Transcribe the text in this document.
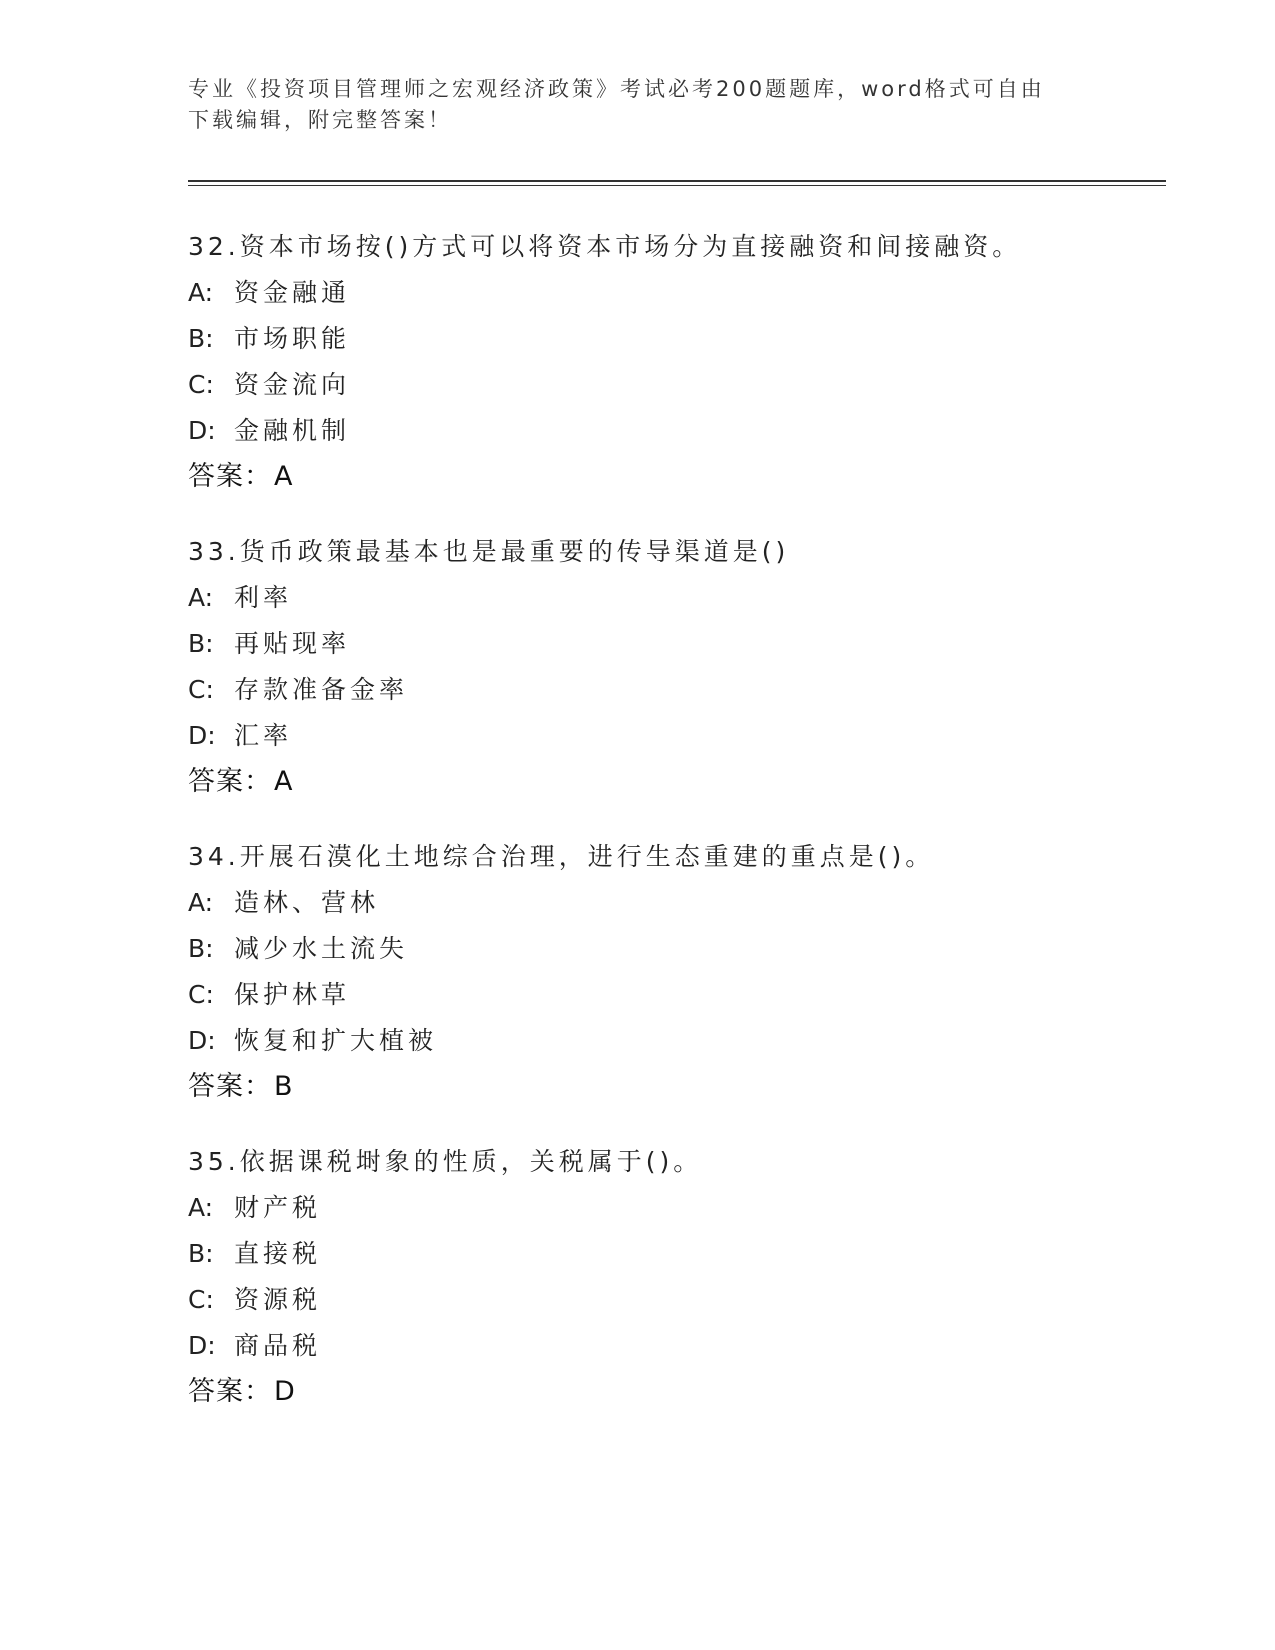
专业《投资项目管理师之宏观经济政策》考试必考200题题库，word格式可自由
下载编辑，附完整答案！

32.资本市场按()方式可以将资本市场分为直接融资和间接融资。
A: 资金融通
B: 市场职能
C: 资金流向
D: 金融机制
答案：A
33.货币政策最基本也是最重要的传导渠道是()
A: 利率
B: 再贴现率
C: 存款准备金率
D: 汇率
答案：A
34.开展石漠化土地综合治理，进行生态重建的重点是()。
A: 造林、营林
B: 减少水土流失
C: 保护林草
D: 恢复和扩大植被
答案：B
35.依据课税埘象的性质，关税属于()。
A: 财产税
B: 直接税
C: 资源税
D: 商品税
答案：D
